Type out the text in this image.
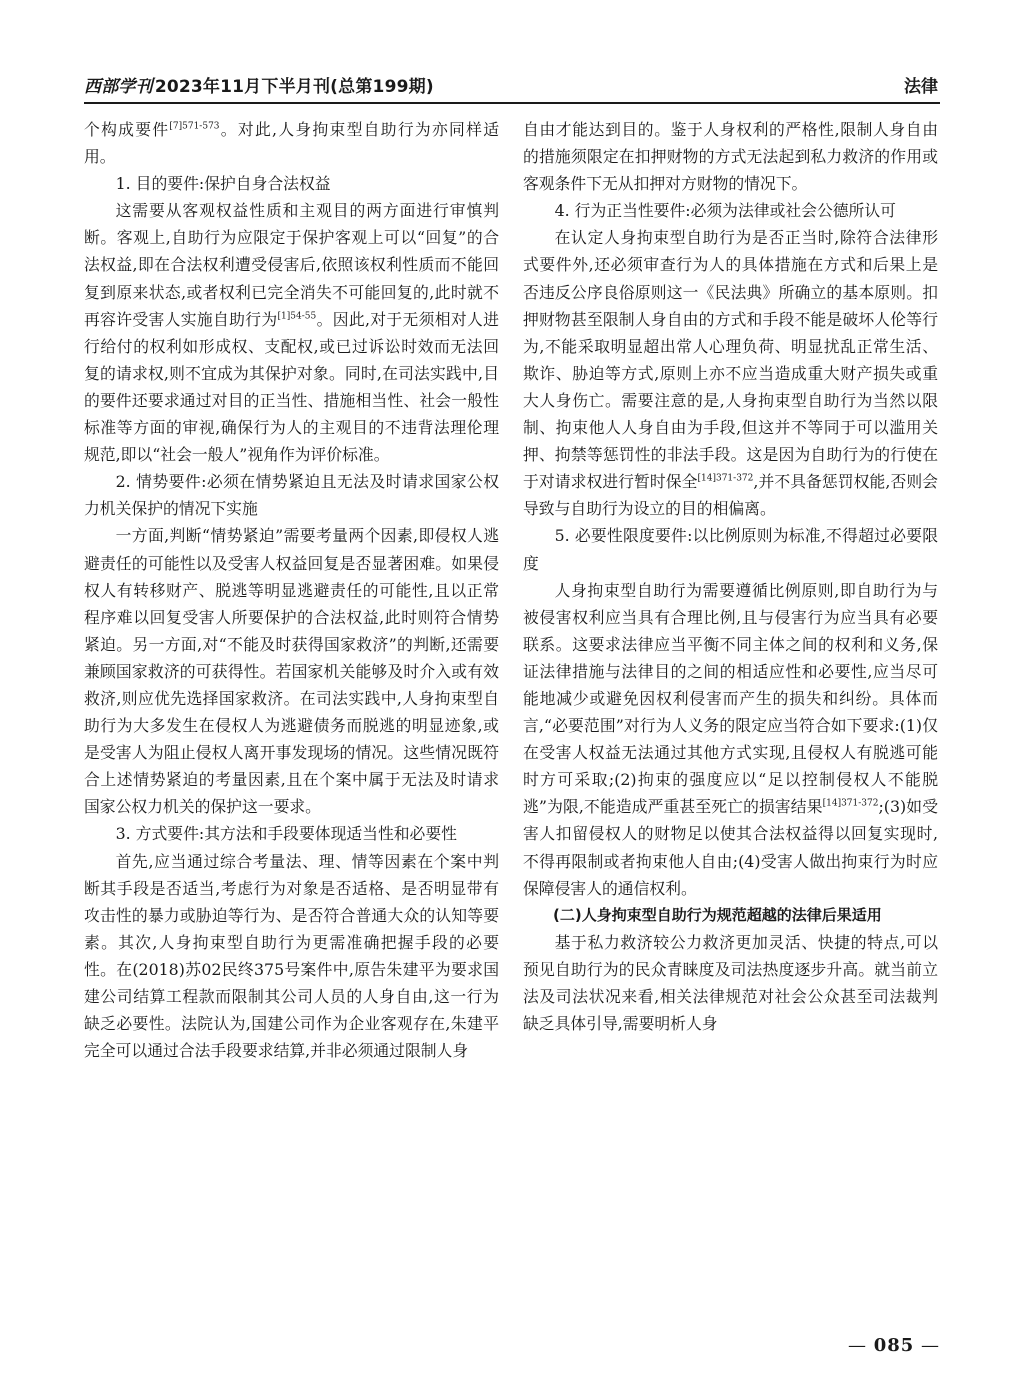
西部学刊 2023年11月下半月刊(总第199期)	法律

个构成要件$^{[7]571-573}$。对此,人身拘束型自助行为亦同样适用。

1. 目的要件:保护自身合法权益

这需要从客观权益性质和主观目的两方面进行审慎判断。客观上,自助行为应限定于保护客观上可以“回复”的合法权益,即在合法权利遭受侵害后,依照该权利性质而不能回复到原来状态,或者权利已完全消失不可能回复的,此时就不再容许受害人实施自助行为$^{[1]54-55}$。因此,对于无须相对人进行给付的权利如形成权、支配权,或已过诉讼时效而无法回复的请求权,则不宜成为其保护对象。同时,在司法实践中,目的要件还要求通过对目的正当性、措施相当性、社会一般性标准等方面的审视,确保行为人的主观目的不违背法理伦理规范,即以“社会一般人”视角作为评价标准。

2. 情势要件:必须在情势紧迫且无法及时请求国家公权力机关保护的情况下实施

一方面,判断“情势紧迫”需要考量两个因素,即侵权人逃避责任的可能性以及受害人权益回复是否显著困难。如果侵权人有转移财产、脱逃等明显逃避责任的可能性,且以正常程序难以回复受害人所要保护的合法权益,此时则符合情势紧迫。另一方面,对“不能及时获得国家救济”的判断,还需要兼顾国家救济的可获得性。若国家机关能够及时介入或有效救济,则应优先选择国家救济。在司法实践中,人身拘束型自助行为大多发生在侵权人为逃避债务而脱逃的明显迹象,或是受害人为阻止侵权人离开事发现场的情况。这些情况既符合上述情势紧迫的考量因素,且在个案中属于无法及时请求国家公权力机关的保护这一要求。

3. 方式要件:其方法和手段要体现适当性和必要性

首先,应当通过综合考量法、理、情等因素在个案中判断其手段是否适当,考虑行为对象是否适格、是否明显带有攻击性的暴力或胁迫等行为、是否符合普通大众的认知等要素。其次,人身拘束型自助行为更需准确把握手段的必要性。在(2018)苏02民终375号案件中,原告朱建平为要求国建公司结算工程款而限制其公司人员的人身自由,这一行为缺乏必要性。法院认为,国建公司作为企业客观存在,朱建平完全可以通过合法手段要求结算,并非必须通过限制人身

自由才能达到目的。鉴于人身权利的严格性,限制人身自由的措施须限定在扣押财物的方式无法起到私力救济的作用或客观条件下无从扣押对方财物的情况下。

4. 行为正当性要件:必须为法律或社会公德所认可

在认定人身拘束型自助行为是否正当时,除符合法律形式要件外,还必须审查行为人的具体措施在方式和后果上是否违反公序良俗原则这一《民法典》所确立的基本原则。扣押财物甚至限制人身自由的方式和手段不能是破坏人伦等行为,不能采取明显超出常人心理负荷、明显扰乱正常生活、欺诈、胁迫等方式,原则上亦不应当造成重大财产损失或重大人身伤亡。需要注意的是,人身拘束型自助行为当然以限制、拘束他人人身自由为手段,但这并不等同于可以滥用关押、拘禁等惩罚性的非法手段。这是因为自助行为的行使在于对请求权进行暂时保全$^{[14]371-372}$,并不具备惩罚权能,否则会导致与自助行为设立的目的相偏离。

5. 必要性限度要件:以比例原则为标准,不得超过必要限度

人身拘束型自助行为需要遵循比例原则,即自助行为与被侵害权利应当具有合理比例,且与侵害行为应当具有必要联系。这要求法律应当平衡不同主体之间的权利和义务,保证法律措施与法律目的之间的相适应性和必要性,应当尽可能地减少或避免因权利侵害而产生的损失和纠纷。具体而言,“必要范围”对行为人义务的限定应当符合如下要求:(1)仅在受害人权益无法通过其他方式实现,且侵权人有脱逃可能时方可采取;(2)拘束的强度应以“足以控制侵权人不能脱逃”为限,不能造成严重甚至死亡的损害结果$^{[14]371-372}$;(3)如受害人扣留侵权人的财物足以使其合法权益得以回复实现时,不得再限制或者拘束他人自由;(4)受害人做出拘束行为时应保障侵害人的通信权利。

(二)人身拘束型自助行为规范超越的法律后果适用

基于私力救济较公力救济更加灵活、快捷的特点,可以预见自助行为的民众青睐度及司法热度逐步升高。就当前立法及司法状况来看,相关法律规范对社会公众甚至司法裁判缺乏具体引导,需要明析人身

— 085 —
